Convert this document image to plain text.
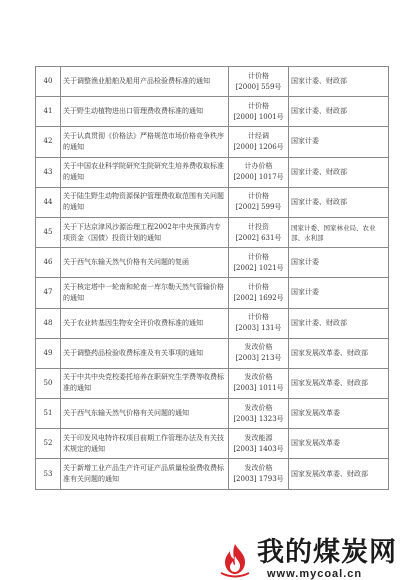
40	关于调整渔业船舶及船用产品检验费标准的通知	计价格
[2000] 559号	国家计委、财政部
41	关于野生动植物进出口管理费收费标准的通知	计价格
[2000] 1001号	国家计委、财政部
42	关于认真贯彻《价格法》严格规范市场价格竞争秩序的通知	计经调
[2000] 1206号	国家计委
43	关于中国农业科学院研究生院研究生培养费收取标准的通知	计办价格
[2000] 1017号	国家计委、财政部
44	关于陆生野生动物资源保护管理费收取范围有关问题的通知	计价格
[2002] 599号	国家计委、财政部
45	关于下达京津风沙源治理工程2002年中央预算内专项资金（国债）投资计划的通知	计投资
[2002] 631号	国家计委、国家林业局、农业部、水利部
46	关于西气东输天然气价格有关问题的复函	计价格
[2002] 1021号	国家计委
47	关于核定塔中一轮南和轮南一库尔勒天然气管输价格的通知	计价格
[2002] 1692号	国家计委
48	关于农业转基因生物安全评价收费标准的通知	计价格
[2003] 131号	国家计委、财政部
49	关于调整药品检验收费标准及有关事项的通知	发改价格
[2003] 213号	国家发展改革委、财政部
50	关于中共中央党校委托培养在职研究生学费等收费标准的通知	发改价格
[2003] 1011号	国家发展改革委、财政部
51	关于西气东输天然气价格有关问题的通知	发改价格
[2003] 1323号	国家发展改革委
52	关于印发风电特许权项目前期工作管理办法及有关技术规定的通知	发改能源
[2003] 1403号	国家发展改革委
53	关于新增工业产品生产许可证产品质量检验费收费标准有关问题的通知	发改价格
[2003] 1793号	国家发展改革委、财政部
我的煤炭网
www.mycoal.cn
